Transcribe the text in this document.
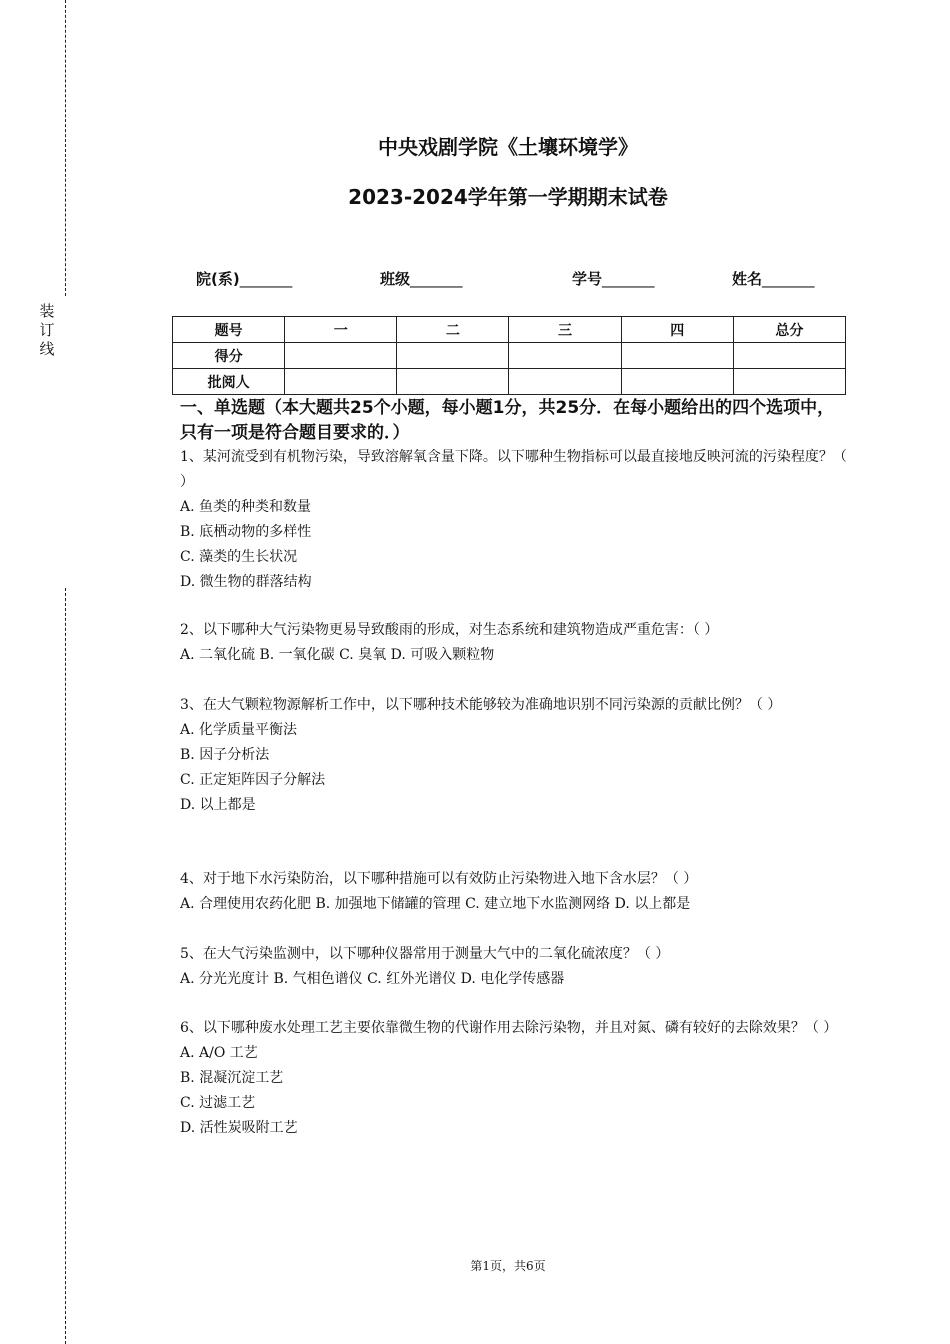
装订线
中央戏剧学院《土壤环境学》
2023-2024学年第一学期期末试卷
院(系)_______	班级_______	学号_______	姓名_______
题号	一	二	三	四	总分
得分					
批阅人					
一、单选题（本大题共25个小题，每小题1分，共25分．在每小题给出的四个选项中，只有一项是符合题目要求的．）

1、某河流受到有机物污染，导致溶解氧含量下降。以下哪种生物指标可以最直接地反映河流的污染程度？（ ）

A. 鱼类的种类和数量

B. 底栖动物的多样性

C. 藻类的生长状况

D. 微生物的群落结构

2、以下哪种大气污染物更易导致酸雨的形成，对生态系统和建筑物造成严重危害：（ ）

A. 二氧化硫 B. 一氧化碳 C. 臭氧 D. 可吸入颗粒物

3、在大气颗粒物源解析工作中，以下哪种技术能够较为准确地识别不同污染源的贡献比例？（ ）

A. 化学质量平衡法

B. 因子分析法

C. 正定矩阵因子分解法

D. 以上都是

4、对于地下水污染防治，以下哪种措施可以有效防止污染物进入地下含水层？（ ）

A. 合理使用农药化肥 B. 加强地下储罐的管理 C. 建立地下水监测网络 D. 以上都是

5、在大气污染监测中，以下哪种仪器常用于测量大气中的二氧化硫浓度？（ ）

A. 分光光度计 B. 气相色谱仪 C. 红外光谱仪 D. 电化学传感器

6、以下哪种废水处理工艺主要依靠微生物的代谢作用去除污染物，并且对氮、磷有较好的去除效果？（ ）

A. A/O 工艺

B. 混凝沉淀工艺

C. 过滤工艺

D. 活性炭吸附工艺

第1页，共6页
